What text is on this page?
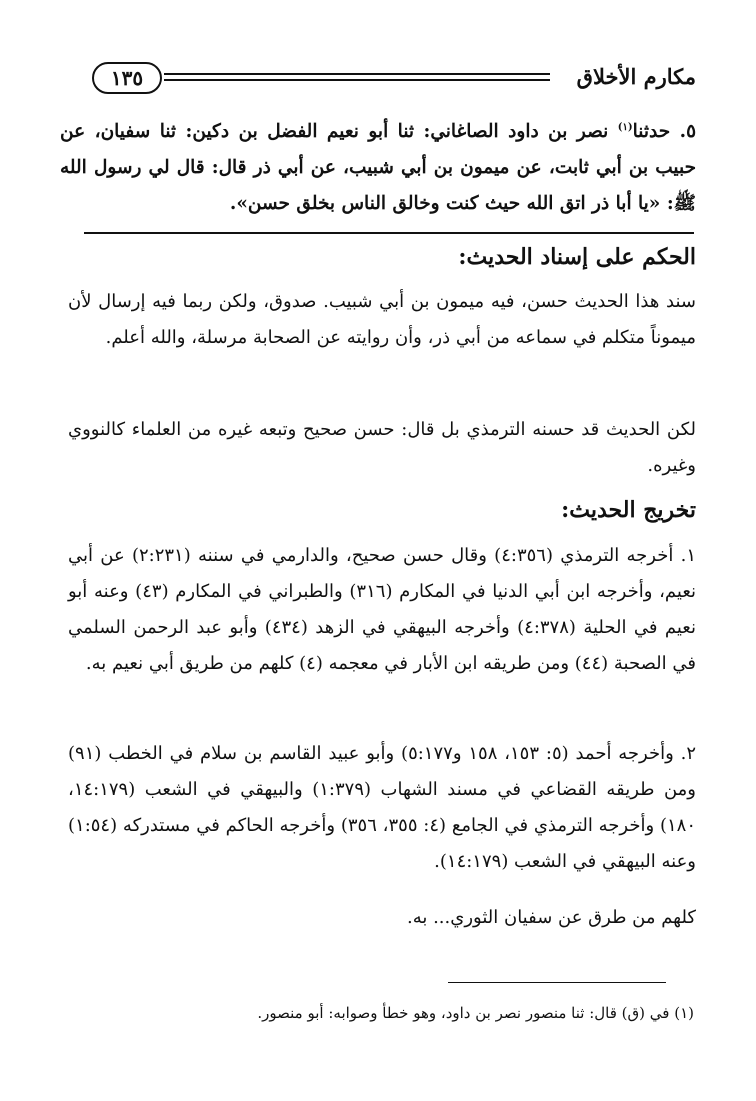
مكارم الأخلاق
١٣٥
٥. حدثنا$^{(١)}$ نصر بن داود الصاغاني: ثنا أبو نعيم الفضل بن دكين: ثنا سفيان، عن حبيب بن أبي ثابت، عن ميمون بن أبي شبيب، عن أبي ذر قال: قال لي رسول الله ﷺ: «يا أبا ذر اتق الله حيث كنت وخالق الناس بخلق حسن».
الحكم على إسناد الحديث:
سند هذا الحديث حسن، فيه ميمون بن أبي شبيب. صدوق، ولكن ربما فيه إرسال لأن ميموناً متكلم في سماعه من أبي ذر، وأن روايته عن الصحابة مرسلة، والله أعلم.
لكن الحديث قد حسنه الترمذي بل قال: حسن صحيح وتبعه غيره من العلماء كالنووي وغيره.
تخريج الحديث:
١. أخرجه الترمذي (٤:٣٥٦) وقال حسن صحيح، والدارمي في سننه (٢:٢٣١) عن أبي نعيم، وأخرجه ابن أبي الدنيا في المكارم (٣١٦) والطبراني في المكارم (٤٣) وعنه أبو نعيم في الحلية (٤:٣٧٨) وأخرجه البيهقي في الزهد (٤٣٤) وأبو عبد الرحمن السلمي في الصحبة (٤٤) ومن طريقه ابن الأبار في معجمه (٤) كلهم من طريق أبي نعيم به.
٢. وأخرجه أحمد (٥: ١٥٣، ١٥٨ و٥:١٧٧) وأبو عبيد القاسم بن سلام في الخطب (٩١) ومن طريقه القضاعي في مسند الشهاب (١:٣٧٩) والبيهقي في الشعب (١٤:١٧٩، ١٨٠) وأخرجه الترمذي في الجامع (٤: ٣٥٥، ٣٥٦) وأخرجه الحاكم في مستدركه (١:٥٤) وعنه البيهقي في الشعب (١٤:١٧٩).
كلهم من طرق عن سفيان الثوري... به.
(١) في (ق) قال: ثنا منصور نصر بن داود، وهو خطأ وصوابه: أبو منصور.
